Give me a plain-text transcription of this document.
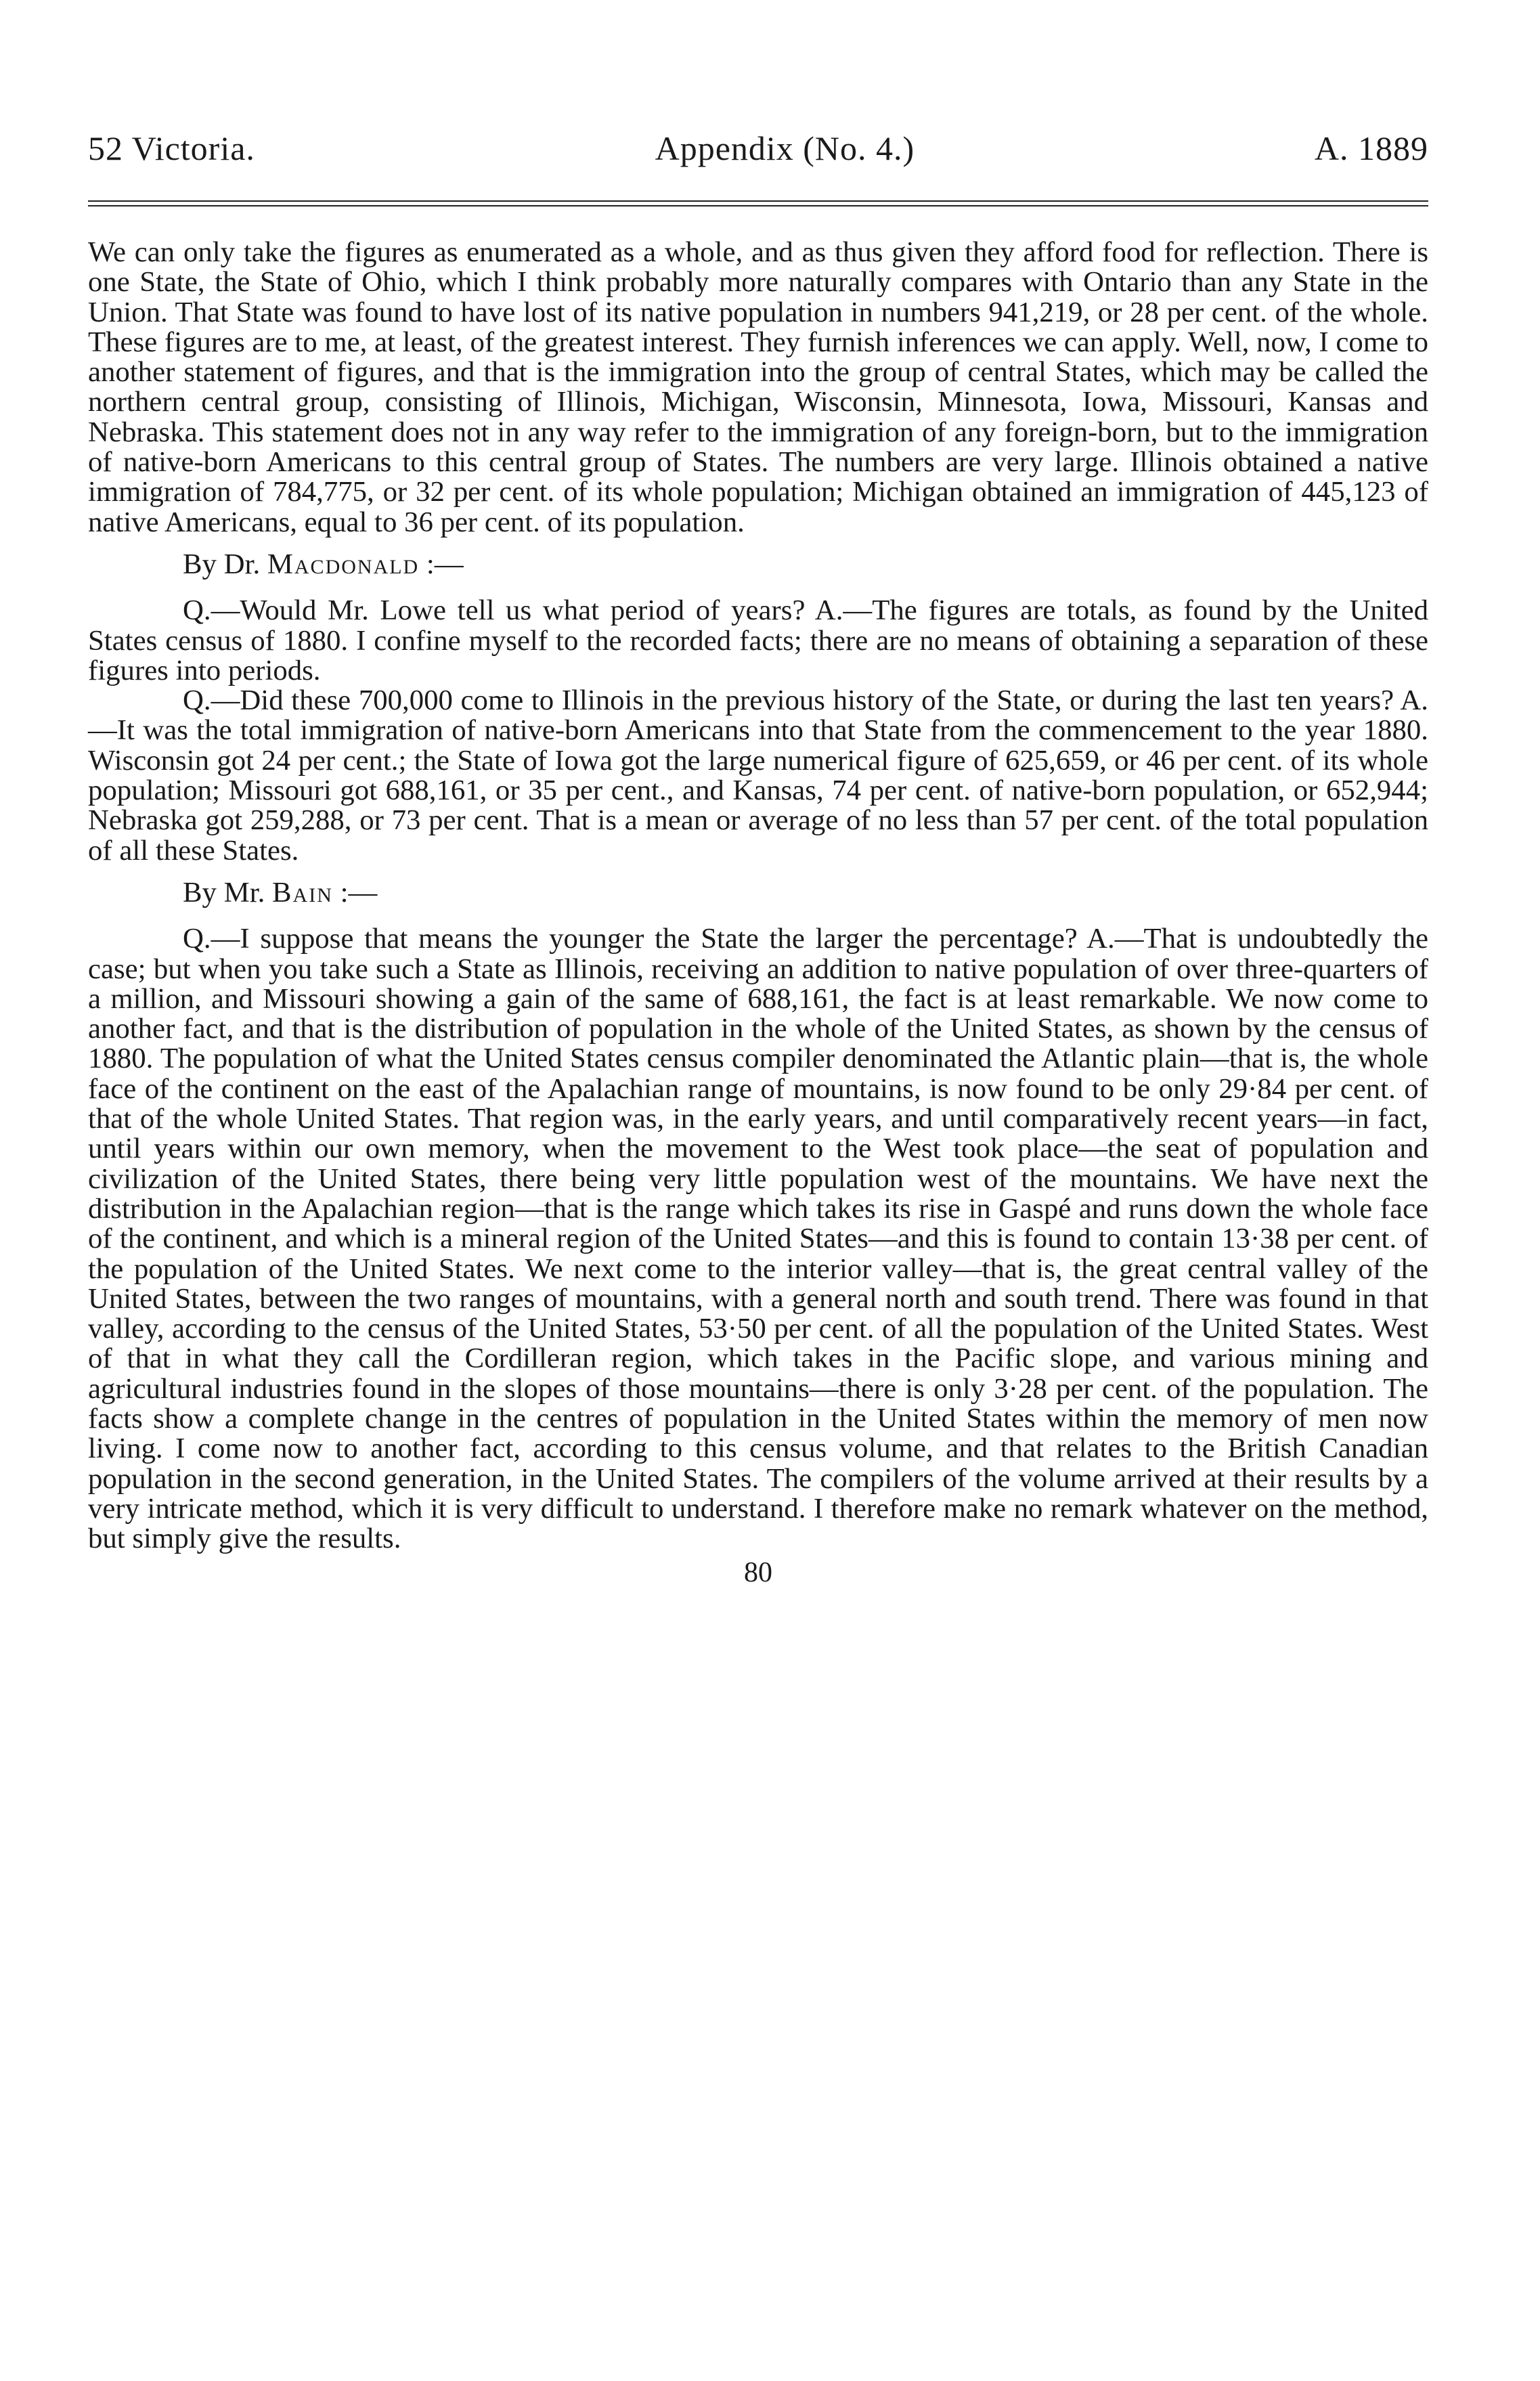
52 Victoria.	Appendix (No. 4.)	A. 1889

We can only take the figures as enumerated as a whole, and as thus given they afford food for reflection. There is one State, the State of Ohio, which I think probably more naturally compares with Ontario than any State in the Union. That State was found to have lost of its native population in numbers 941,219, or 28 per cent. of the whole. These figures are to me, at least, of the greatest interest. They furnish inferences we can apply. Well, now, I come to another statement of figures, and that is the immigration into the group of central States, which may be called the northern central group, consisting of Illinois, Michigan, Wisconsin, Minnesota, Iowa, Missouri, Kansas and Nebraska. This statement does not in any way refer to the immigration of any foreign-born, but to the immigration of native-born Americans to this central group of States. The numbers are very large. Illinois obtained a native immigration of 784,775, or 32 per cent. of its whole population; Michigan obtained an immigration of 445,123 of native Americans, equal to 36 per cent. of its population.

By Dr. Macdonald :—

Q.—Would Mr. Lowe tell us what period of years? A.—The figures are totals, as found by the United States census of 1880. I confine myself to the recorded facts; there are no means of obtaining a separation of these figures into periods.

Q.—Did these 700,000 come to Illinois in the previous history of the State, or during the last ten years? A.—It was the total immigration of native-born Americans into that State from the commencement to the year 1880. Wisconsin got 24 per cent.; the State of Iowa got the large numerical figure of 625,659, or 46 per cent. of its whole population; Missouri got 688,161, or 35 per cent., and Kansas, 74 per cent. of native-born population, or 652,944; Nebraska got 259,288, or 73 per cent. That is a mean or average of no less than 57 per cent. of the total population of all these States.

By Mr. Bain :—

Q.—I suppose that means the younger the State the larger the percentage? A.—That is undoubtedly the case; but when you take such a State as Illinois, receiving an addition to native population of over three-quarters of a million, and Missouri showing a gain of the same of 688,161, the fact is at least remarkable. We now come to another fact, and that is the distribution of population in the whole of the United States, as shown by the census of 1880. The population of what the United States census compiler denominated the Atlantic plain—that is, the whole face of the continent on the east of the Apalachian range of mountains, is now found to be only 29·84 per cent. of that of the whole United States. That region was, in the early years, and until comparatively recent years—in fact, until years within our own memory, when the movement to the West took place—the seat of population and civilization of the United States, there being very little population west of the mountains. We have next the distribution in the Apalachian region—that is the range which takes its rise in Gaspé and runs down the whole face of the continent, and which is a mineral region of the United States—and this is found to contain 13·38 per cent. of the population of the United States. We next come to the interior valley—that is, the great central valley of the United States, between the two ranges of mountains, with a general north and south trend. There was found in that valley, according to the census of the United States, 53·50 per cent. of all the population of the United States. West of that in what they call the Cordilleran region, which takes in the Pacific slope, and various mining and agricultural industries found in the slopes of those mountains—there is only 3·28 per cent. of the population. The facts show a complete change in the centres of population in the United States within the memory of men now living. I come now to another fact, according to this census volume, and that relates to the British Canadian population in the second generation, in the United States. The compilers of the volume arrived at their results by a very intricate method, which it is very difficult to understand. I therefore make no remark whatever on the method, but simply give the results.

80
